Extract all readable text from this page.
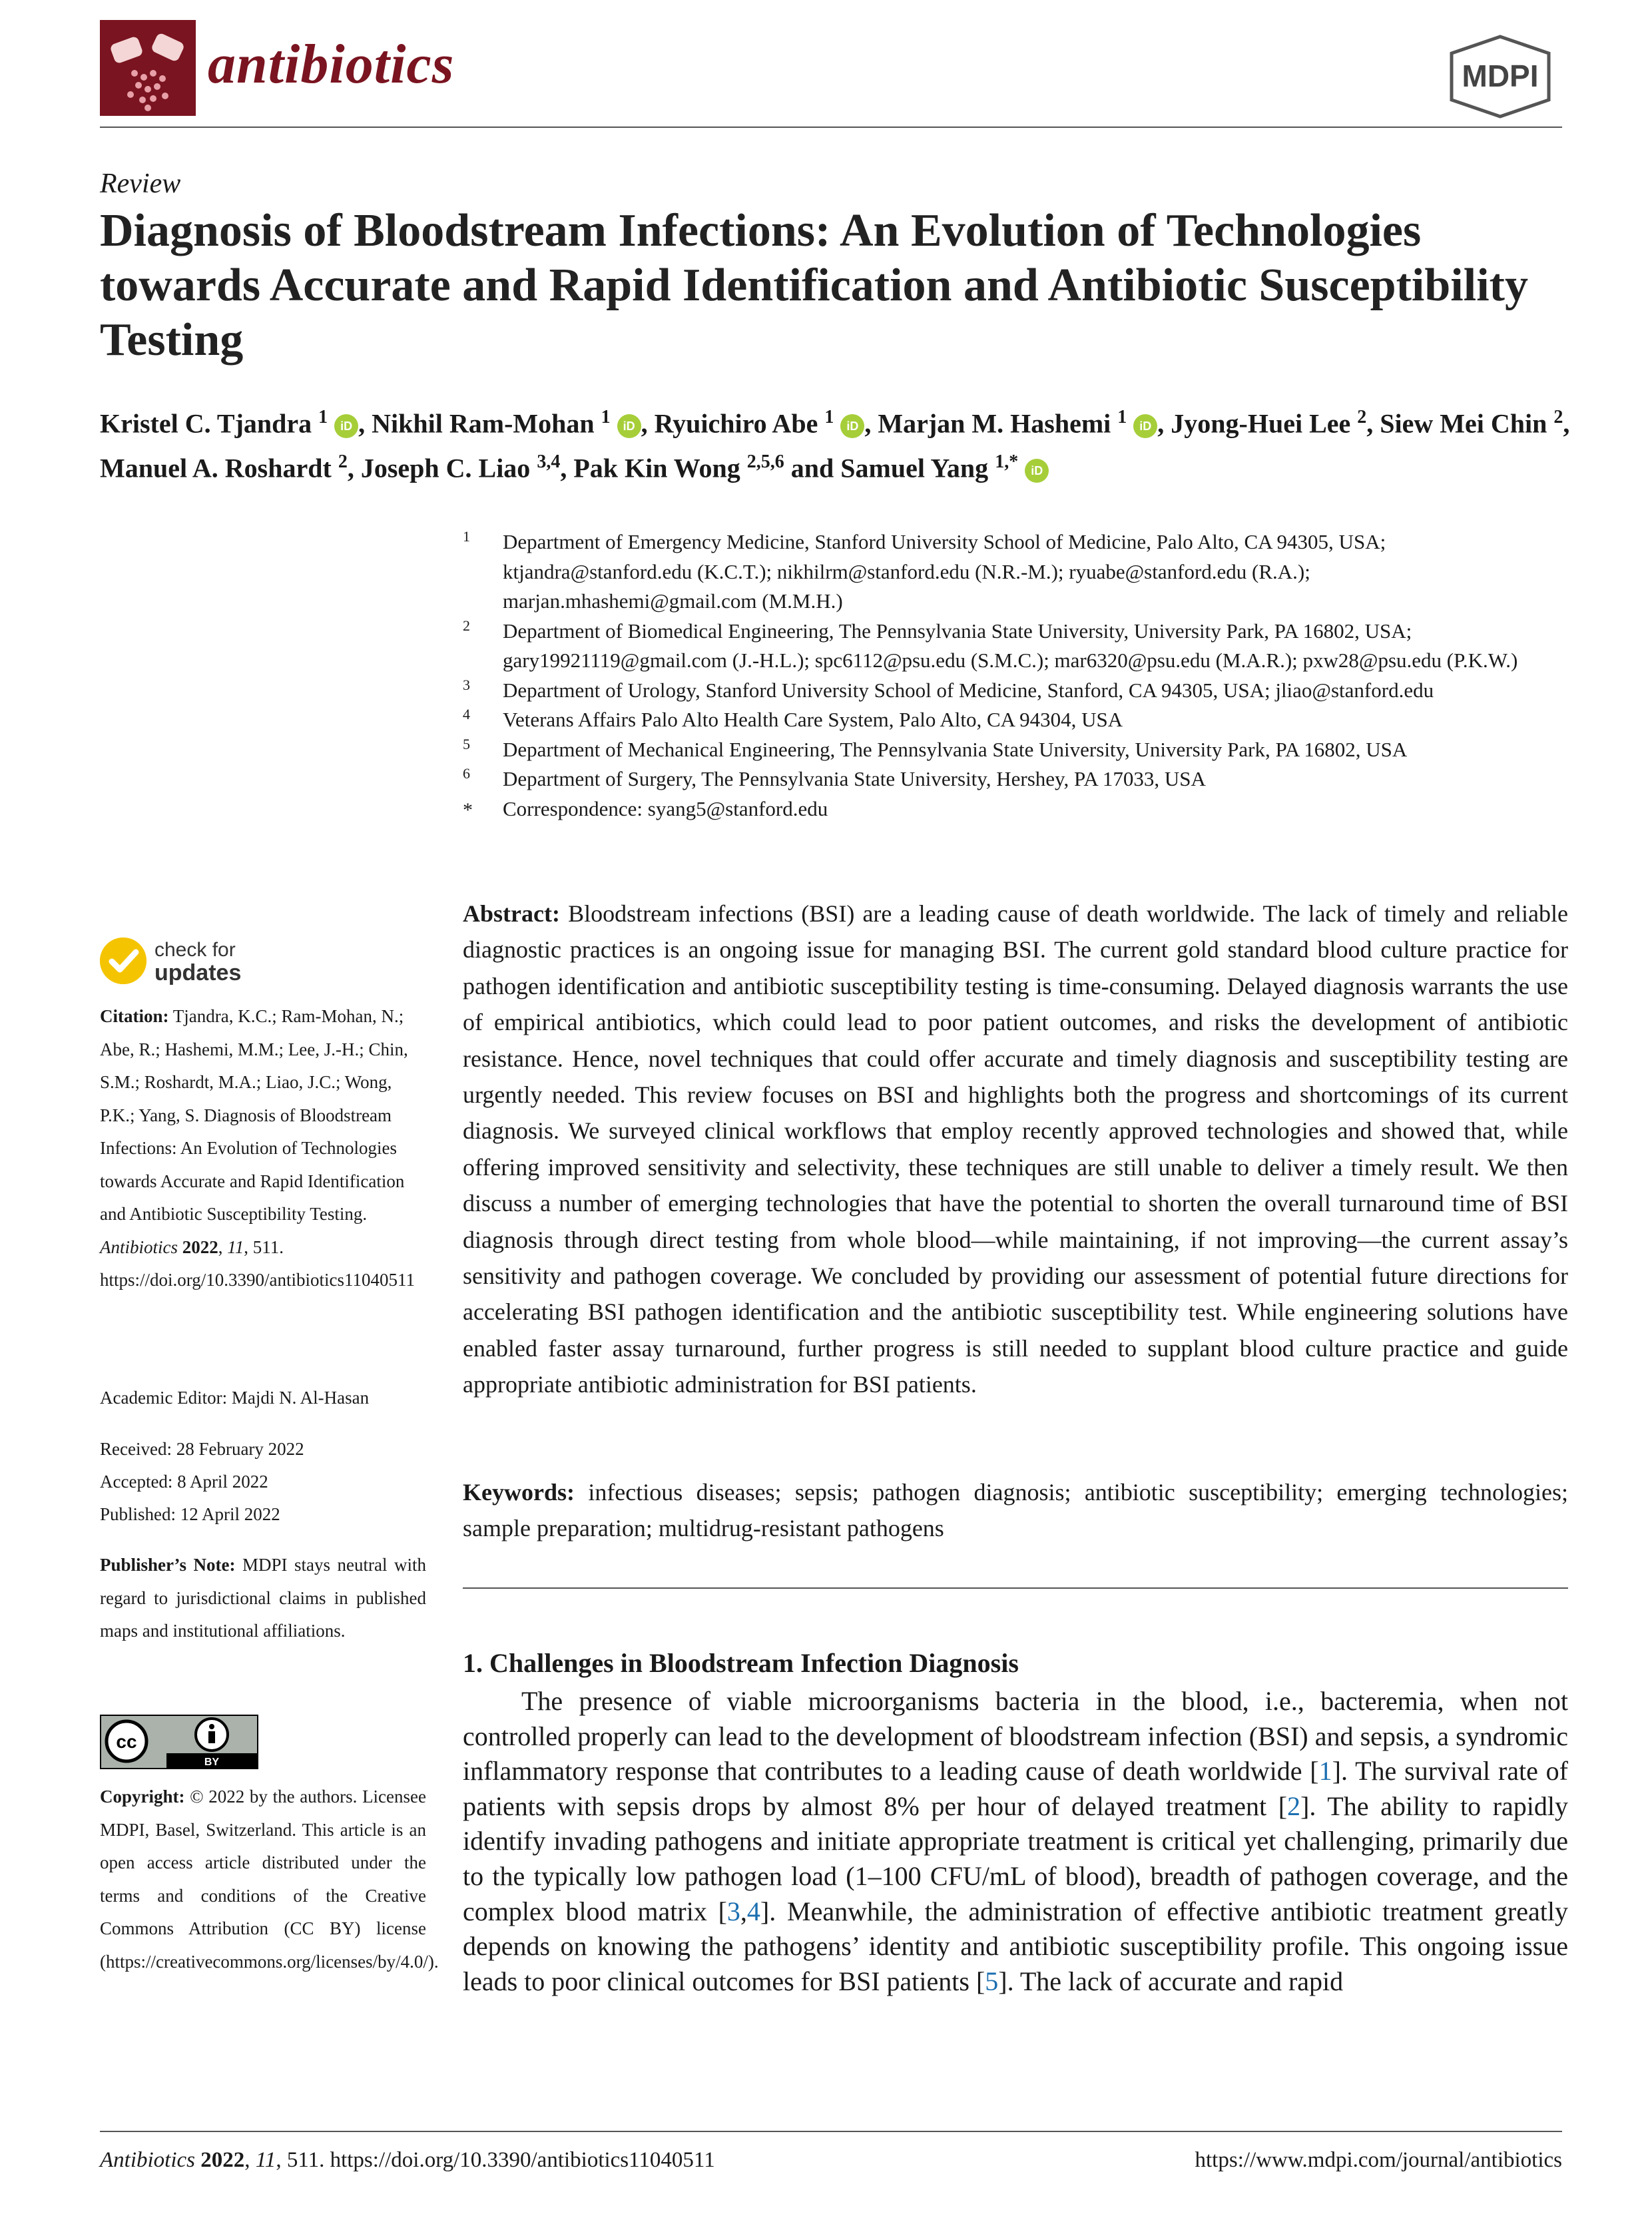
antibiotics	MDPI
Review
Diagnosis of Bloodstream Infections: An Evolution of Technologies towards Accurate and Rapid Identification and Antibiotic Susceptibility Testing
Kristel C. Tjandra $^1$ iD , Nikhil Ram-Mohan $^1$ iD , Ryuichiro Abe $^1$ iD , Marjan M. Hashemi $^1$ iD , Jyong-Huei Lee $^2$, Siew Mei Chin $^2$, Manuel A. Roshardt $^2$, Joseph C. Liao $^{3,4}$, Pak Kin Wong $^{2,5,6}$ and Samuel Yang $^{1,*}$ iD
1 Department of Emergency Medicine, Stanford University School of Medicine, Palo Alto, CA 94305, USA; ktjandra@stanford.edu (K.C.T.); nikhilrm@stanford.edu (N.R.-M.); ryuabe@stanford.edu (R.A.); marjan.mhashemi@gmail.com (M.M.H.)
2 Department of Biomedical Engineering, The Pennsylvania State University, University Park, PA 16802, USA; gary19921119@gmail.com (J.-H.L.); spc6112@psu.edu (S.M.C.); mar6320@psu.edu (M.A.R.); pxw28@psu.edu (P.K.W.)
3 Department of Urology, Stanford University School of Medicine, Stanford, CA 94305, USA; jliao@stanford.edu
4 Veterans Affairs Palo Alto Health Care System, Palo Alto, CA 94304, USA
5 Department of Mechanical Engineering, The Pennsylvania State University, University Park, PA 16802, USA
6 Department of Surgery, The Pennsylvania State University, Hershey, PA 17033, USA
* Correspondence: syang5@stanford.edu
Abstract: Bloodstream infections (BSI) are a leading cause of death worldwide. The lack of timely and reliable diagnostic practices is an ongoing issue for managing BSI. The current gold standard blood culture practice for pathogen identification and antibiotic susceptibility testing is time-consuming. Delayed diagnosis warrants the use of empirical antibiotics, which could lead to poor patient outcomes, and risks the development of antibiotic resistance. Hence, novel techniques that could offer accurate and timely diagnosis and susceptibility testing are urgently needed. This review focuses on BSI and highlights both the progress and shortcomings of its current diagnosis. We surveyed clinical workflows that employ recently approved technologies and showed that, while offering improved sensitivity and selectivity, these techniques are still unable to deliver a timely result. We then discuss a number of emerging technologies that have the potential to shorten the overall turnaround time of BSI diagnosis through direct testing from whole blood—while maintaining, if not improving—the current assay’s sensitivity and pathogen coverage. We concluded by providing our assessment of potential future directions for accelerating BSI pathogen identification and the antibiotic susceptibility test. While engineering solutions have enabled faster assay turnaround, further progress is still needed to supplant blood culture practice and guide appropriate antibiotic administration for BSI patients.
Keywords: infectious diseases; sepsis; pathogen diagnosis; antibiotic susceptibility; emerging technologies; sample preparation; multidrug-resistant pathogens
1. Challenges in Bloodstream Infection Diagnosis

The presence of viable microorganisms bacteria in the blood, i.e., bacteremia, when not controlled properly can lead to the development of bloodstream infection (BSI) and sepsis, a syndromic inflammatory response that contributes to a leading cause of death worldwide [1]. The survival rate of patients with sepsis drops by almost 8% per hour of delayed treatment [2]. The ability to rapidly identify invading pathogens and initiate appropriate treatment is critical yet challenging, primarily due to the typically low pathogen load (1–100 CFU/mL of blood), breadth of pathogen coverage, and the complex blood matrix [3,4]. Meanwhile, the administration of effective antibiotic treatment greatly depends on knowing the pathogens’ identity and antibiotic susceptibility profile. This ongoing issue leads to poor clinical outcomes for BSI patients [5]. The lack of accurate and rapid

check for
updates
Citation: Tjandra, K.C.; Ram-Mohan, N.; Abe, R.; Hashemi, M.M.; Lee, J.-H.; Chin, S.M.; Roshardt, M.A.; Liao, J.C.; Wong, P.K.; Yang, S. Diagnosis of Bloodstream Infections: An Evolution of Technologies towards Accurate and Rapid Identification and Antibiotic Susceptibility Testing. Antibiotics 2022, 11, 511. https://doi.org/10.3390/antibiotics11040511
Academic Editor: Majdi N. Al-Hasan
Received: 28 February 2022
Accepted: 8 April 2022
Published: 12 April 2022
Publisher’s Note: MDPI stays neutral with regard to jurisdictional claims in published maps and institutional affiliations.
cc
BY
Copyright: © 2022 by the authors. Licensee MDPI, Basel, Switzerland. This article is an open access article distributed under the terms and conditions of the Creative Commons Attribution (CC BY) license (https://creativecommons.org/licenses/by/4.0/).
Antibiotics 2022, 11, 511. https://doi.org/10.3390/antibiotics11040511	https://www.mdpi.com/journal/antibiotics
